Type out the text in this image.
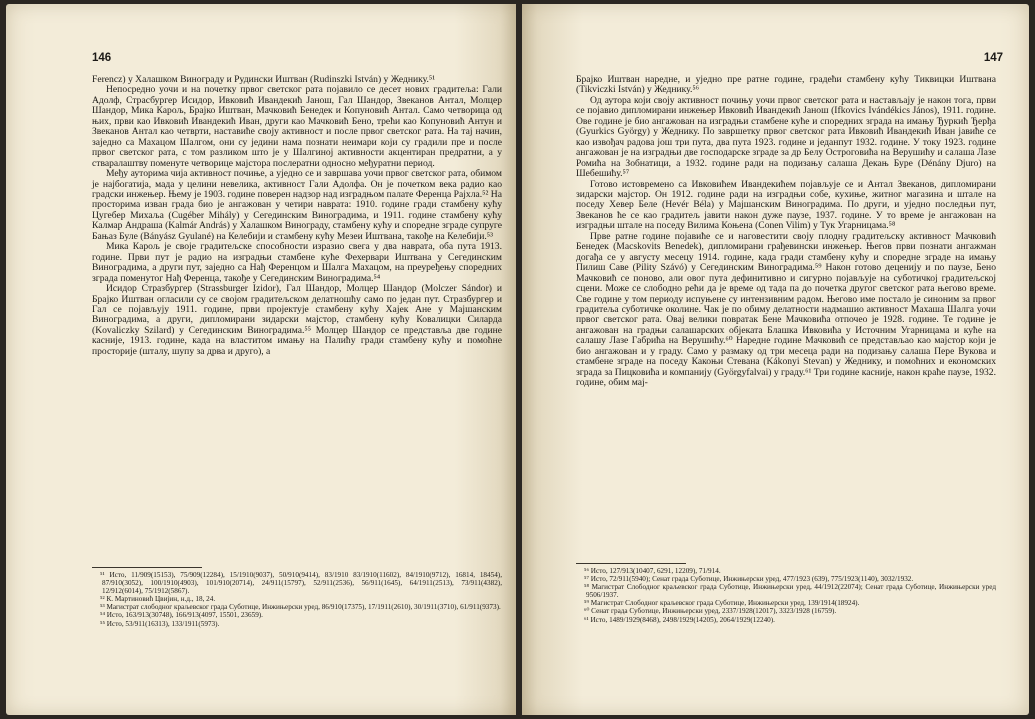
146

Ferencz) у Халашком Винограду и Рудински Иштван (Rudinszki István) у Жеднику.⁵¹

Непосредно уочи и на почетку првог светског рата појавило се десет нових градитеља: Гали Адолф, Страсбургер Исидор, Ивковић Ивандекић Јанош, Гал Шандор, Звеканов Антал, Молцер Шандор, Мика Карољ, Брајко Иштван, Мачковић Бенедек и Копуновић Антал. Само четворица од њих, први као Ивковић Ивандекић Иван, други као Мачковић Бено, трећи као Копуновић Антун и Звеканов Антал као четврти, наставиће своју активност и после првог светског рата. На тај начин, заједно са Махацом Шалгом, они су једини нама познати неимари који су градили пре и после првог светског рата, с том разликом што је у Шалгиној активности акцентиран предратни, а у стваралаштву поменуте четворице мајстора послератни односно међуратни период.

Међу ауторима чија активност почиње, а уједно се и завршава уочи првог светског рата, обимом је најбогатија, мада у целини невелика, активност Гали Адолфа. Он је почетком века радио као градски инжењер. Њему је 1903. године поверен надзор над изградњом палате Ференца Рајхла.⁵² На просторима изван града био је ангажован у четири наврата: 1910. године гради стамбену кућу Цугебер Михаља (Cugéber Mihály) у Сегединским Виноградима, и 1911. године стамбену кућу Калмар Андраша (Kalmár András) у Халашком Винограду, стамбену кућу и споредне зграде супруге Бањаз Буле (Bányász Gyulané) на Келебији и стамбену кућу Мезеи Иштвана, такође на Келебији.⁵³

Мика Карољ је своје градитељске способности изразио свега у два наврата, оба пута 1913. године. Први пут је радио на изградњи стамбене куће Фехервари Иштвана у Сегединским Виноградима, а други пут, заједно са Нађ Ференцом и Шалга Махацом, на преуређењу споредних зграда поменутог Нађ Ференца, такође у Сегединским Виноградима.⁵⁴

Исидор Стразбургер (Strassburger Izidor), Гал Шандор, Молцер Шандор (Molczer Sándor) и Брајко Иштван огласили су се својом градитељском делатношћу само по један пут. Стразбургер и Гал се појављују 1911. године, први пројектује стамбену кућу Хајек Ане у Мајшанским Виноградима, а други, дипломирани зидарски мајстор, стамбену кућу Ковалицки Силарда (Kovaliczky Szilard) у Сегединским Виноградима.⁵⁵ Молцер Шандор се представља две године касније, 1913. године, када на властитом имању на Палићу гради стамбену кућу и помоћне просторије (шталу, шупу за дрва и друго), а

⁵¹ Исто, 11/909(15153), 75/909(12284), 15/1910(9037), 50/910(9414), 83/1910 83/1910(11602), 84/1910(9712), 16814, 18454), 87/910(3052), 100/1910(4903), 101/910(20714), 24/911(15797), 52/911(2536), 56/911(1645), 64/1911(2513), 73/911(4382), 12/912(6014), 75/1912(5867).
⁵² К. Мартиновић Цвијин, н.д., 18, 24.
⁵³ Магистрат слободног краљевског града Суботице, Инжињерски уред, 86/910(17375), 17/1911(2610), 30/1911(3710), 61/911(9373).
⁵⁴ Исто, 163/913(30748), 166/913(4097, 15501, 23659).
⁵⁵ Исто, 53/911(16313), 133/1911(5973).
147

Брајко Иштван наредне, и уједно пре ратне године, градећи стамбену кућу Тиквицки Иштвана (Tikviczki István) у Жеднику.⁵⁶

Од аутора који своју активност почињу уочи првог светског рата и настављају је након тога, први се појавио дипломирани инжењер Ивковић Ивандекић Јанош (Ifkovics Ivándékics János), 1911. године. Ове године је био ангажован на изградњи стамбене куће и споредних зграда на имању Ђуркић Ђерђа (Gyurkics György) у Жеднику. По завршетку првог светског рата Ивковић Ивандекић Иван јавиће се као извођач радова још три пута, два пута 1923. године и једанпут 1932. године. У току 1923. године ангажован је на изградњи две господарске зграде за др Белу Остроговића на Верушићу и салаша Лазе Ромића на Зобнатици, а 1932. године ради на подизању салаша Декањ Буре (Dénány Djuro) на Шебешићу.⁵⁷

Готово истовремено са Ивковићем Ивандекићем појављује се и Антал Звеканов, дипломирани зидарски мајстор. Он 1912. године ради на изградњи собе, кухиње, житног магазина и штале на поседу Хевер Беле (Hevér Béla) у Мајшанским Виноградима. По други, и уједно последњи пут, Звеканов ће се као градитељ јавити након дуже паузе, 1937. године. У то време је ангажован на изградњи штале на поседу Вилима Коњена (Conen Vilim) у Тук Угарницама.⁵⁸

Прве ратне године појавиће се и наговестити своју плодну градитељску активност Мачковић Бенедек (Macskovits Benedek), дипломирани грађевински инжењер. Његов први познати ангажман догађа се у августу месецу 1914. године, када гради стамбену кућу и споредне зграде на имању Пилиш Саве (Pility Szávó) у Сегединским Виноградима.⁵⁹ Након готово деценију и по паузе, Бено Мачковић се поново, али овог пута дефинитивно и сигурно појављује на суботичкој градитељској сцени. Може се слободно рећи да је време од тада па до почетка другог светског рата његово време. Све године у том периоду испуњене су интензивним радом. Његово име постало је синоним за првог градитеља суботичке околине. Чак је по обиму делатности надмашио активност Махаша Шалга уочи првог светског рата. Овај велики повратак Бене Мачковића отпочео је 1928. године. Те године је ангажован на градњи салашарских објеката Блашка Ивковића у Источним Угарницама и куће на салашу Лазе Габрића на Верушићу.⁶⁰ Наредне године Мачковић се представљао као мајстор који је био ангажован и у граду. Само у размаку од три месеца ради на подизању салаша Пере Вукова и стамбене зграде на поседу Какоњи Стевана (Kákonyi Stevan) у Жеднику, и помоћних и економских зграда за Пицковића и компанију (Györgyfalvai) у граду.⁶¹ Три године касније, након краће паузе, 1932. године, обим мај-

⁵⁶ Исто, 127/913(10407, 6291, 12209), 71/914.
⁵⁷ Исто, 72/911(5940); Сенат града Суботице, Инжињерски уред, 477/1923 (639), 775/1923(1140), 3032/1932.
⁵⁸ Магистрат Слободног краљевског града Суботице, Инжињерски уред, 44/1912(22074); Сенат града Суботице, Инжињерски уред 9506/1937.
⁵⁹ Магистрат Слободног краљевског града Суботице, Инжињерски уред, 139/1914(18924).
⁶⁰ Сенат града Суботице, Инжињерски уред, 2337/1928(12017), 3323/1928 (16759).
⁶¹ Исто, 1489/1929(8468), 2498/1929(14205), 2064/1929(12240).
